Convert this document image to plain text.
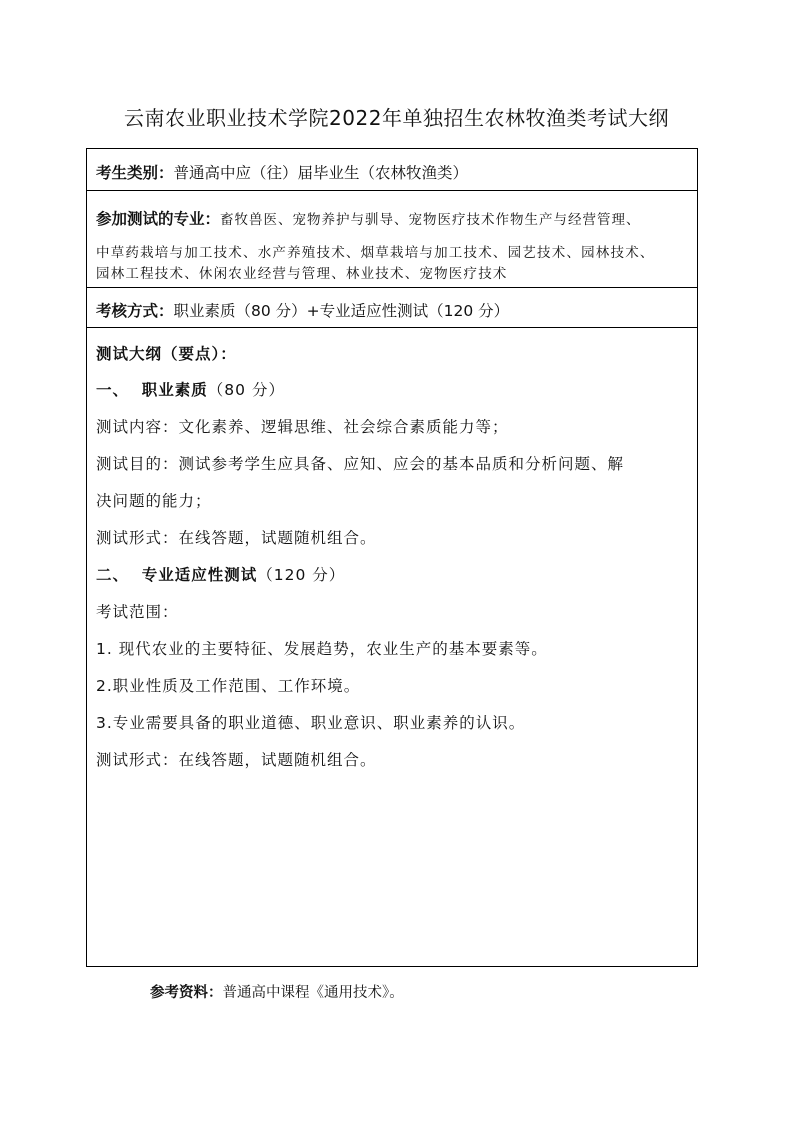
云南农业职业技术学院2022年单独招生农林牧渔类考试大纲
考生类别：普通高中应（往）届毕业生（农林牧渔类）
参加测试的专业：畜牧兽医、宠物养护与驯导、宠物医疗技术作物生产与经营管理、
中草药栽培与加工技术、水产养殖技术、烟草栽培与加工技术、园艺技术、园林技术、
园林工程技术、休闲农业经营与管理、林业技术、宠物医疗技术
考核方式：职业素质（80 分）+专业适应性测试（120 分）
测试大纲（要点）：
一、  职业素质（80 分）
测试内容：文化素养、逻辑思维、社会综合素质能力等；
测试目的：测试参考学生应具备、应知、应会的基本品质和分析问题、解
决问题的能力；
测试形式：在线答题，试题随机组合。
二、  专业适应性测试（120 分）
考试范围：
1. 现代农业的主要特征、发展趋势，农业生产的基本要素等。
2.职业性质及工作范围、工作环境。
3.专业需要具备的职业道德、职业意识、职业素养的认识。
测试形式：在线答题，试题随机组合。
参考资料：普通高中课程《通用技术》。
